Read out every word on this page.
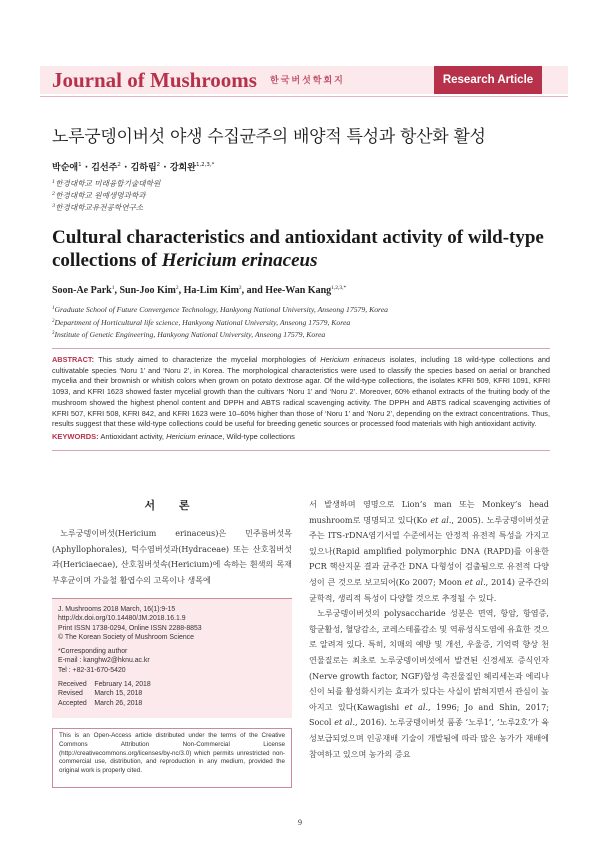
Journal of Mushrooms 한국버섯학회지	Research Article
노루궁뎅이버섯 야생 수집균주의 배양적 특성과 항산화 활성
박순애$^1$ · 김선주$^2$ · 김하림$^2$ · 강희완$^{1,2,3,*}$
$^1$한경대학교 미래융합기술대학원
$^2$한경대학교 원예생명과학과
$^3$한경대학교유전공학연구소
Cultural characteristics and antioxidant activity of wild-type collections of Hericium erinaceus
Soon-Ae Park$^1$, Sun-Joo Kim$^2$, Ha-Lim Kim$^2$, and Hee-Wan Kang$^{1,2,3,*}$
$^1$Graduate School of Future Convergence Technology, Hankyong National University, Anseong 17579, Korea
$^2$Department of Horticultural life science, Hankyong National University, Anseong 17579, Korea
$^3$Institute of Genetic Engineering, Hankyong National University, Anseong 17579, Korea
ABSTRACT: This study aimed to characterize the mycelial morphologies of Hericium erinaceus isolates, including 18 wild-type collections and cultivatable species ‘Noru 1’ and ‘Noru 2’, in Korea. The morphological characteristics were used to classify the species based on aerial or branched mycelia and their brownish or whitish colors when grown on potato dextrose agar. Of the wild-type collections, the isolates KFRI 509, KFRI 1091, KFRI 1093, and KFRI 1623 showed faster mycelial growth than the cultivars ‘Noru 1’ and ‘Noru 2’. Moreover, 60% ethanol extracts of the fruiting body of the mushroom showed the highest phenol content and DPPH and ABTS radical scavenging activity. The DPPH and ABTS radical scavenging activities of KFRI 507, KFRI 508, KFRI 842, and KFRI 1623 were 10–60% higher than those of ‘Noru 1’ and ‘Noru 2’, depending on the extract concentrations. Thus, results suggest that these wild-type collections could be useful for breeding genetic sources or processed food materials with high antioxidant activity.
KEYWORDS: Antioxidant activity, Hericium erinace, Wild-type collections
서 론

노루궁뎅이버섯(Hericium erinaceus)은 민주름버섯목(Aphyllophorales), 턱수염버섯과(Hydraceae) 또는 산호침버섯과(Hericiaecae), 산호침버섯속(Hericium)에 속하는 흰색의 목재부후균이며 가을철 활엽수의 고목이나 생목에

J. Mushrooms 2018 March, 16(1):9-15
http://dx.doi.org/10.14480/JM.2018.16.1.9
Print ISSN 1738-0294, Online ISSN 2288-8853
© The Korean Society of Mushroom Science
*Corresponding author
E-mail : kanghw2@hknu.ac.kr
Tel : +82-31-670-5420
Received    February 14, 2018
Revised      March 15, 2018
Accepted    March 26, 2018
This is an Open-Access article distributed under the terms of the Creative Commons Attribution Non-Commercial License (http://creativecommons.org/licenses/by-nc/3.0) which permits unrestricted non-commercial use, distribution, and reproduction in any medium, provided the original work is properly cited.

서 발생하며 영명으로 Lion’s man 또는 Monkey’s head mushroom로 명명되고 있다(Ko et al., 2005). 노루궁뎅이버섯균주는 ITS-rDNA염기서열 수준에서는 안정적 유전적 특성을 가지고 있으나(Rapid amplified polymorphic DNA (RAPD)를 이용한 PCR 핵산지문 결과 균주간 DNA 다형성이 검출됨으로 유전적 다양성이 큰 것으로 보고되어(Ko 2007; Moon et al., 2014) 균주간의 균학적, 생리적 특성이 다양할 것으로 추정될 수 있다.

노루궁뎅이버섯의 polysaccharide 성분은 면역, 항암, 항염증, 항균활성, 혈당감소, 코레스테롤감소 및 역류성식도염에 유효한 것으로 알려져 있다. 특히, 치매의 예방 및 개선, 우울증, 기억력 향상 천연물질로는 최초로 노루궁뎅이버섯에서 발견된 신경세포 증식인자(Nerve growth factor, NGF)합성 촉진물질인 헤리세논과 에리나신이 뇌를 활성화시키는 효과가 있다는 사실이 밝혀지면서 관심이 높아지고 있다(Kawagishi et al., 1996; Jo and Shin, 2017; Socol et al., 2016). 노루궁뎅이버섯 품종 ‘노루1’, ‘노루2호’가 육성보급되었으며 인공재배 기술이 개발됨에 따라 많은 농가가 재배에 참여하고 있으며 농가의 증요

9
